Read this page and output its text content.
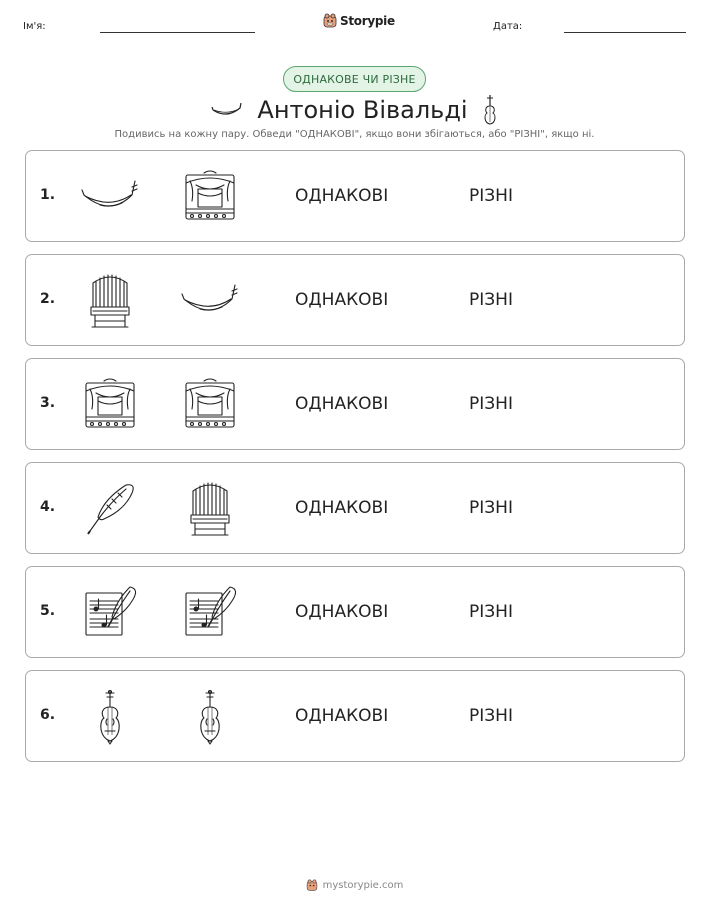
Ім'я:	Storypie	Дата:
ОДНАКОВЕ ЧИ РІЗНЕ
Антоніо Вівальді
Подивись на кожну пару. Обведи "ОДНАКОВІ", якщо вони збігаються, або "РІЗНІ", якщо ні.
1.	ОДНАКОВІ	РІЗНІ
2.	ОДНАКОВІ	РІЗНІ
3.	ОДНАКОВІ	РІЗНІ
4.	ОДНАКОВІ	РІЗНІ
5.	ОДНАКОВІ	РІЗНІ
6.	ОДНАКОВІ	РІЗНІ
mystorypie.com
